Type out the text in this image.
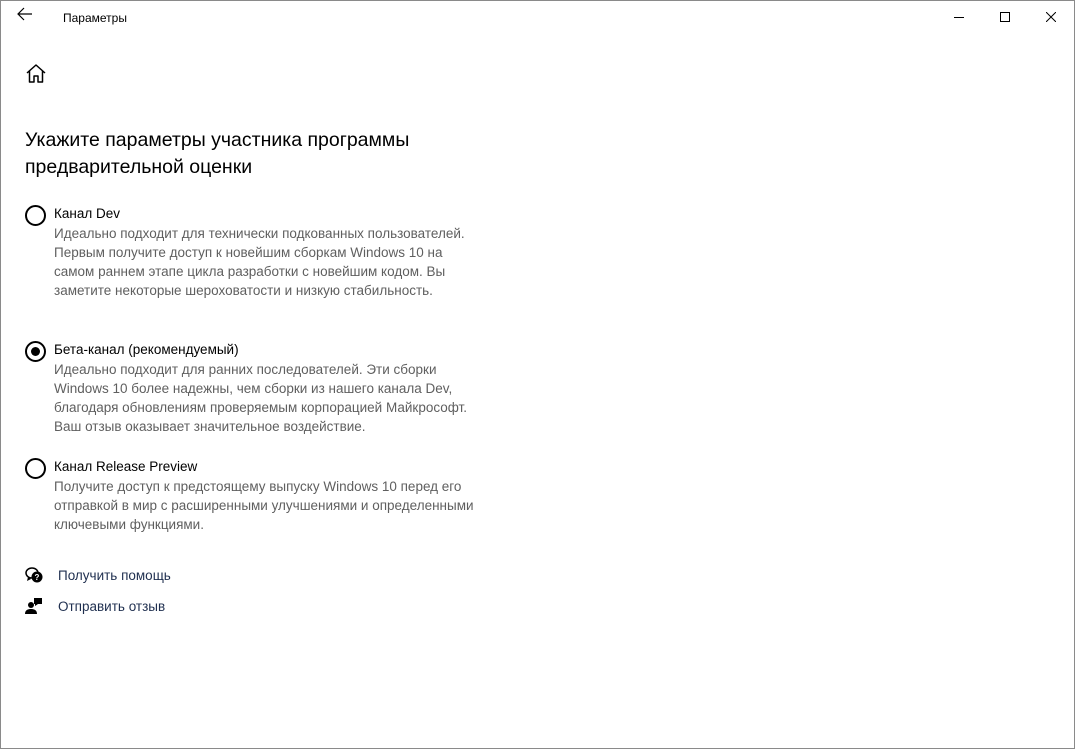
Параметры
Укажите параметры участника программы предварительной оценки
Канал Dev
Идеально подходит для технически подкованных пользователей. Первым получите доступ к новейшим сборкам Windows 10 на самом раннем этапе цикла разработки с новейшим кодом. Вы заметите некоторые шероховатости и низкую стабильность.
Бета-канал (рекомендуемый)
Идеально подходит для ранних последователей. Эти сборки Windows 10 более надежны, чем сборки из нашего канала Dev, благодаря обновлениям проверяемым корпорацией Майкрософт. Ваш отзыв оказывает значительное воздействие.
Канал Release Preview
Получите доступ к предстоящему выпуску Windows 10 перед его отправкой в мир с расширенными улучшениями и определенными ключевыми функциями.
? Получить помощь
Отправить отзыв
